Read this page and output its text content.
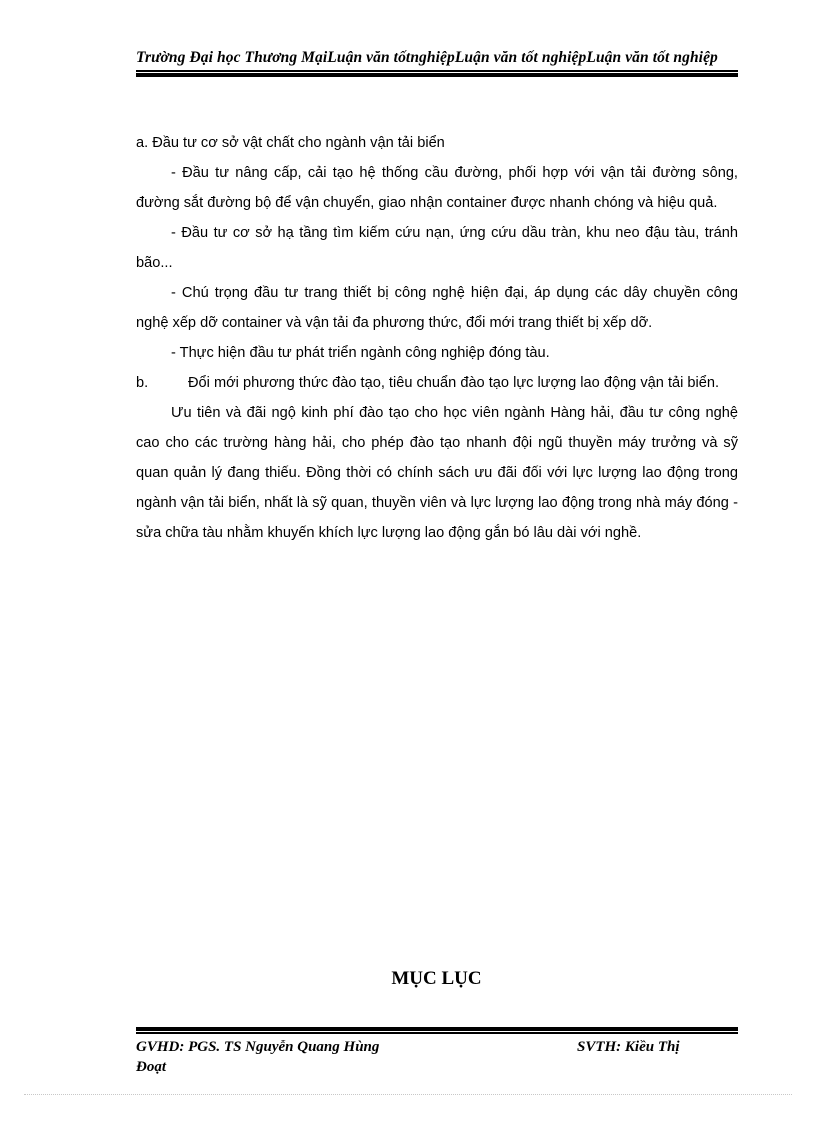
Trường Đại học Thương MạiLuận văn tốtnghiệpLuận văn tốt nghiệpLuận văn tốt nghiệp

a. Đầu tư cơ sở vật chất cho ngành vận tải biển

- Đầu tư nâng cấp, cải tạo hệ thống cầu đường, phối hợp với vận tải đường sông, đường sắt đường bộ để vận chuyển, giao nhận container được nhanh chóng và hiệu quả.

- Đầu tư cơ sở hạ tầng tìm kiếm cứu nạn, ứng cứu dầu tràn, khu neo đậu tàu, tránh bão...

- Chú trọng đầu tư trang thiết bị công nghệ hiện đại, áp dụng các dây chuyền công nghệ xếp dỡ container và vận tải đa phương thức, đổi mới trang thiết bị xếp dỡ.

- Thực hiện đầu tư phát triển ngành công nghiệp đóng tàu.

b.	Đổi mới phương thức đào tạo, tiêu chuẩn đào tạo lực lượng lao động vận tải biển.

Ưu tiên và đãi ngộ kinh phí đào tạo cho học viên ngành Hàng hải, đầu tư công nghệ cao cho các trường hàng hải, cho phép đào tạo nhanh đội ngũ thuyền máy trưởng và sỹ quan quản lý đang thiếu. Đồng thời có chính sách ưu đãi đối với lực lượng lao động trong ngành vận tải biển, nhất là sỹ quan, thuyền viên và lực lượng lao động trong nhà máy đóng - sửa chữa tàu nhằm khuyến khích lực lượng lao động gắn bó lâu dài với nghề.

MỤC LỤC
GVHD: PGS. TS Nguyễn Quang Hùng	SVTH: Kiều Thị
Đoạt
